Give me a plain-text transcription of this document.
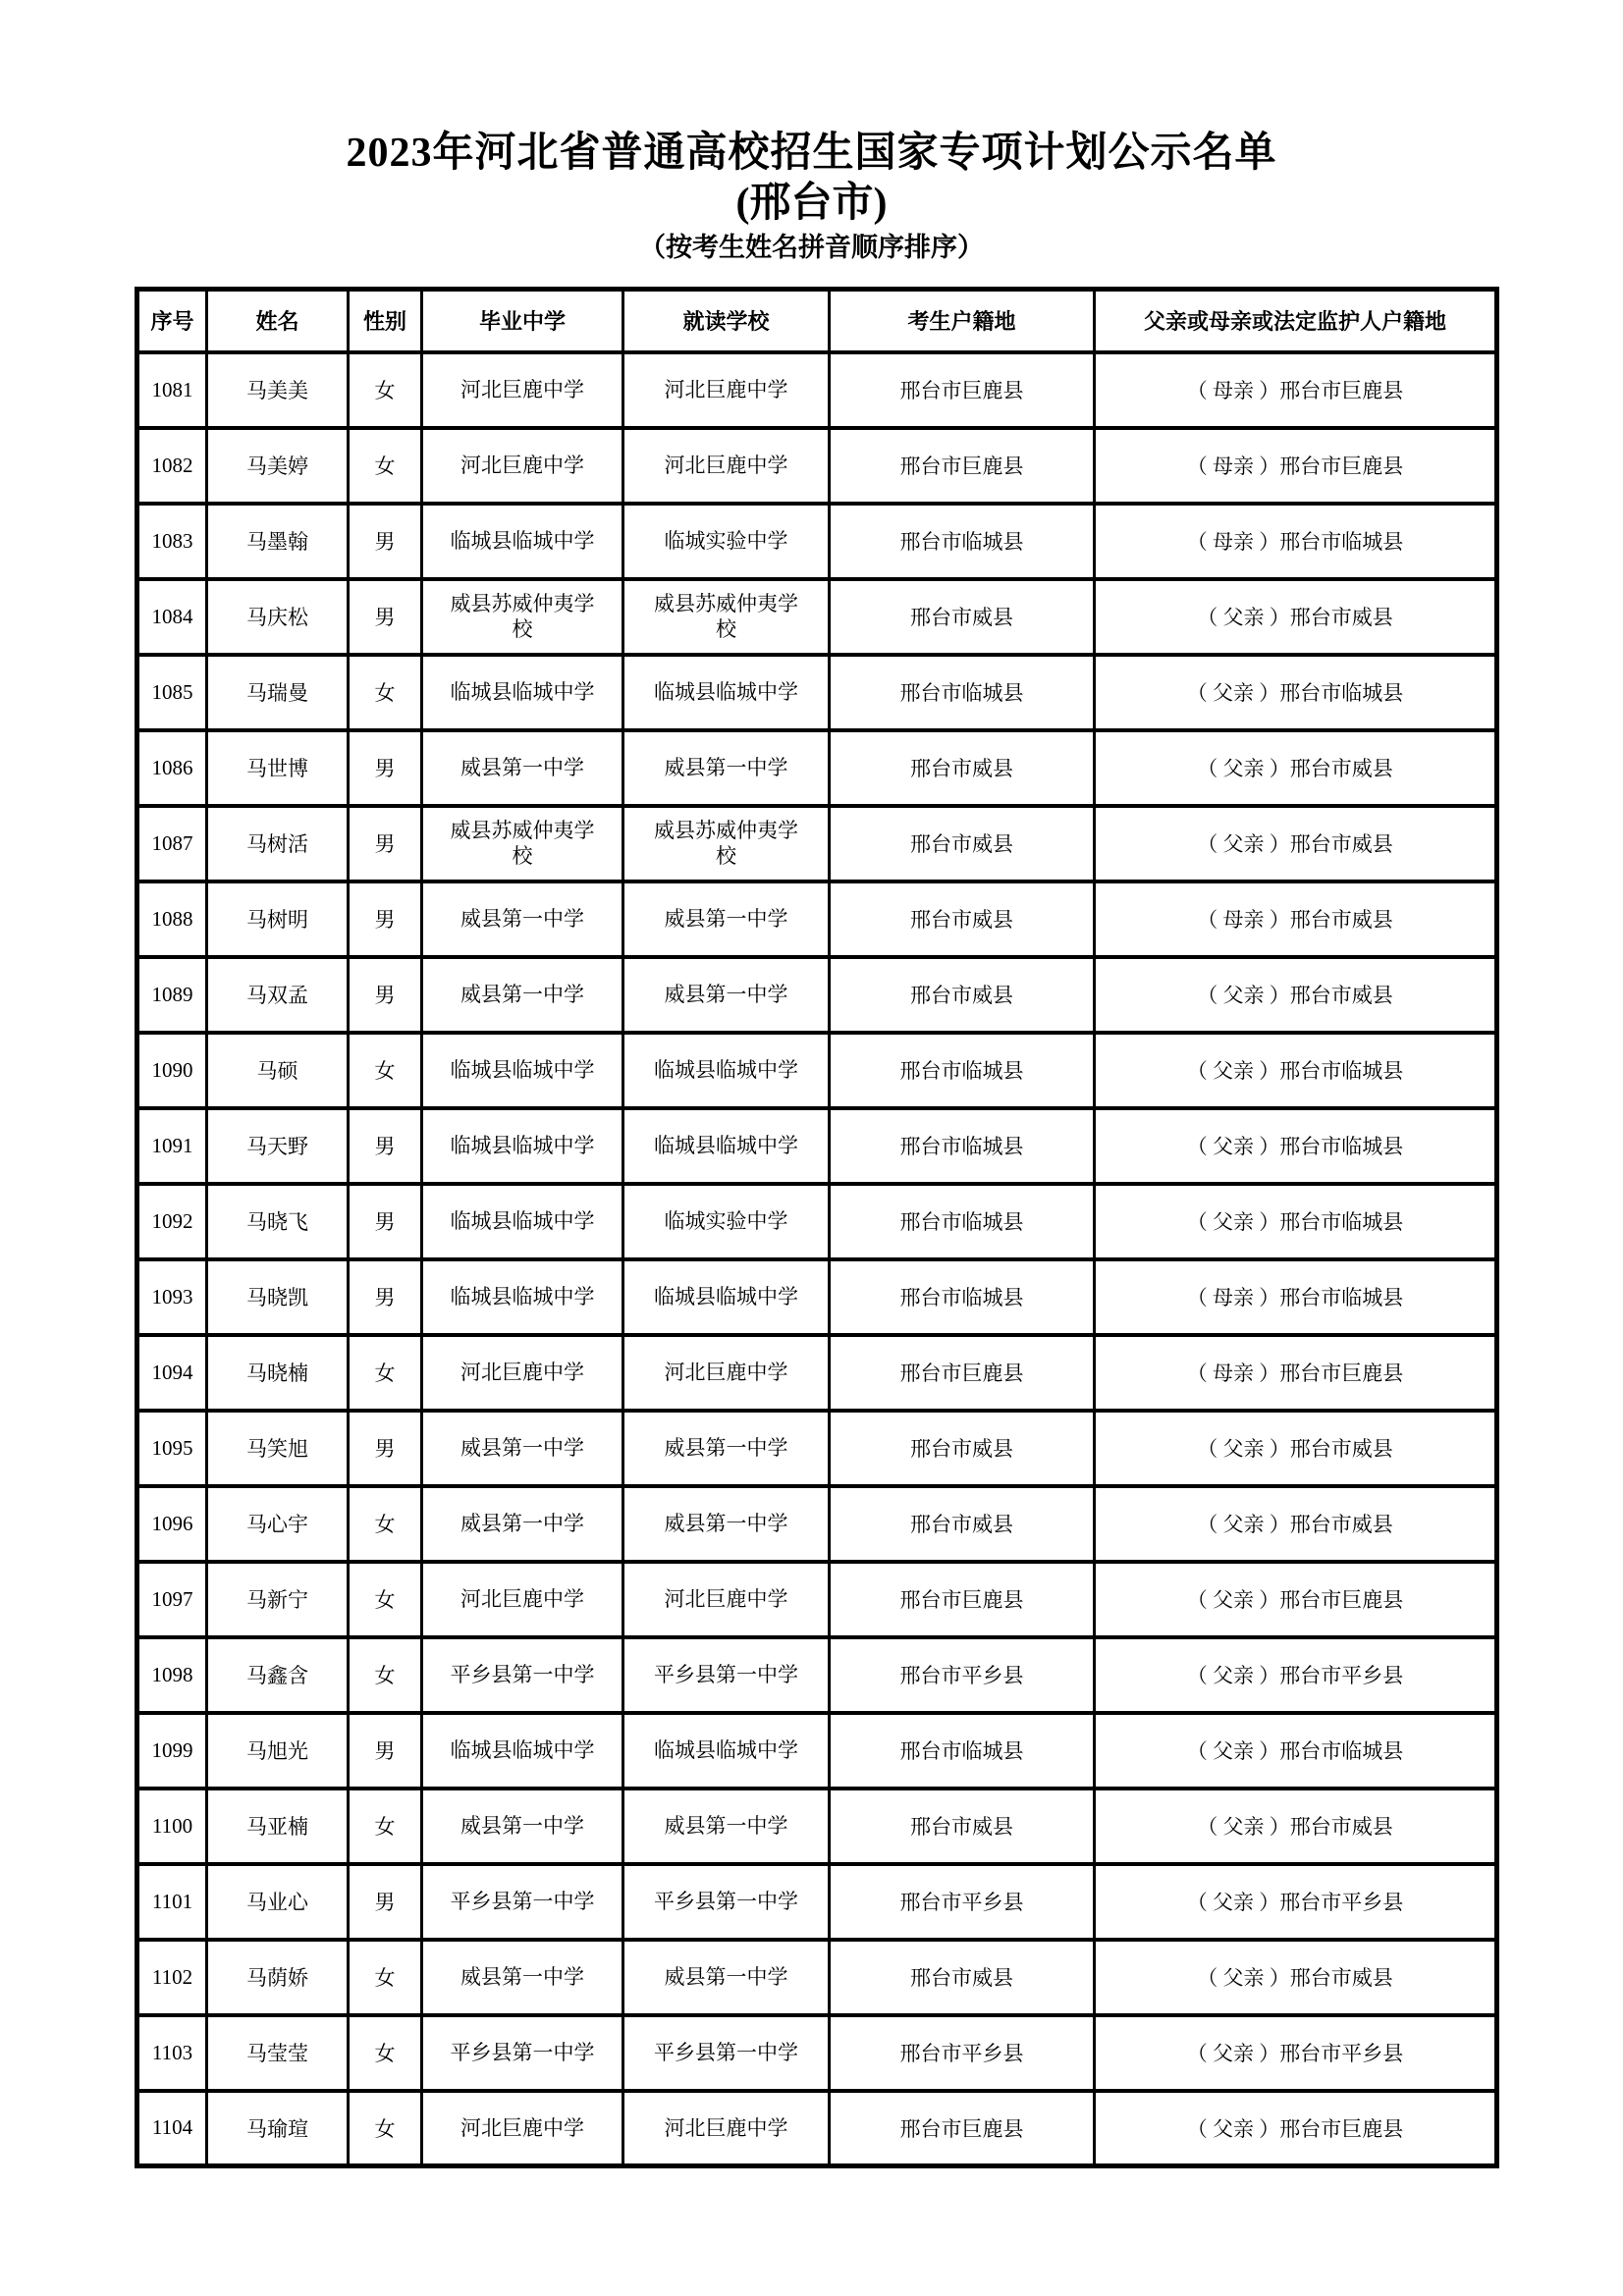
2023年河北省普通高校招生国家专项计划公示名单
(邢台市)
（按考生姓名拼音顺序排序）
序号	姓名	性别	毕业中学	就读学校	考生户籍地	父亲或母亲或法定监护人户籍地
1081	马美美	女	河北巨鹿中学	河北巨鹿中学	邢台市巨鹿县	（ 母亲 ）邢台市巨鹿县
1082	马美婷	女	河北巨鹿中学	河北巨鹿中学	邢台市巨鹿县	（ 母亲 ）邢台市巨鹿县
1083	马墨翰	男	临城县临城中学	临城实验中学	邢台市临城县	（ 母亲 ）邢台市临城县
1084	马庆松	男	威县苏威仲夷学校	威县苏威仲夷学校	邢台市威县	（ 父亲 ）邢台市威县
1085	马瑞曼	女	临城县临城中学	临城县临城中学	邢台市临城县	（ 父亲 ）邢台市临城县
1086	马世博	男	威县第一中学	威县第一中学	邢台市威县	（ 父亲 ）邢台市威县
1087	马树活	男	威县苏威仲夷学校	威县苏威仲夷学校	邢台市威县	（ 父亲 ）邢台市威县
1088	马树明	男	威县第一中学	威县第一中学	邢台市威县	（ 母亲 ）邢台市威县
1089	马双孟	男	威县第一中学	威县第一中学	邢台市威县	（ 父亲 ）邢台市威县
1090	马硕	女	临城县临城中学	临城县临城中学	邢台市临城县	（ 父亲 ）邢台市临城县
1091	马天野	男	临城县临城中学	临城县临城中学	邢台市临城县	（ 父亲 ）邢台市临城县
1092	马晓飞	男	临城县临城中学	临城实验中学	邢台市临城县	（ 父亲 ）邢台市临城县
1093	马晓凯	男	临城县临城中学	临城县临城中学	邢台市临城县	（ 母亲 ）邢台市临城县
1094	马晓楠	女	河北巨鹿中学	河北巨鹿中学	邢台市巨鹿县	（ 母亲 ）邢台市巨鹿县
1095	马笑旭	男	威县第一中学	威县第一中学	邢台市威县	（ 父亲 ）邢台市威县
1096	马心宇	女	威县第一中学	威县第一中学	邢台市威县	（ 父亲 ）邢台市威县
1097	马新宁	女	河北巨鹿中学	河北巨鹿中学	邢台市巨鹿县	（ 父亲 ）邢台市巨鹿县
1098	马鑫含	女	平乡县第一中学	平乡县第一中学	邢台市平乡县	（ 父亲 ）邢台市平乡县
1099	马旭光	男	临城县临城中学	临城县临城中学	邢台市临城县	（ 父亲 ）邢台市临城县
1100	马亚楠	女	威县第一中学	威县第一中学	邢台市威县	（ 父亲 ）邢台市威县
1101	马业心	男	平乡县第一中学	平乡县第一中学	邢台市平乡县	（ 父亲 ）邢台市平乡县
1102	马荫娇	女	威县第一中学	威县第一中学	邢台市威县	（ 父亲 ）邢台市威县
1103	马莹莹	女	平乡县第一中学	平乡县第一中学	邢台市平乡县	（ 父亲 ）邢台市平乡县
1104	马瑜瑄	女	河北巨鹿中学	河北巨鹿中学	邢台市巨鹿县	（ 父亲 ）邢台市巨鹿县
